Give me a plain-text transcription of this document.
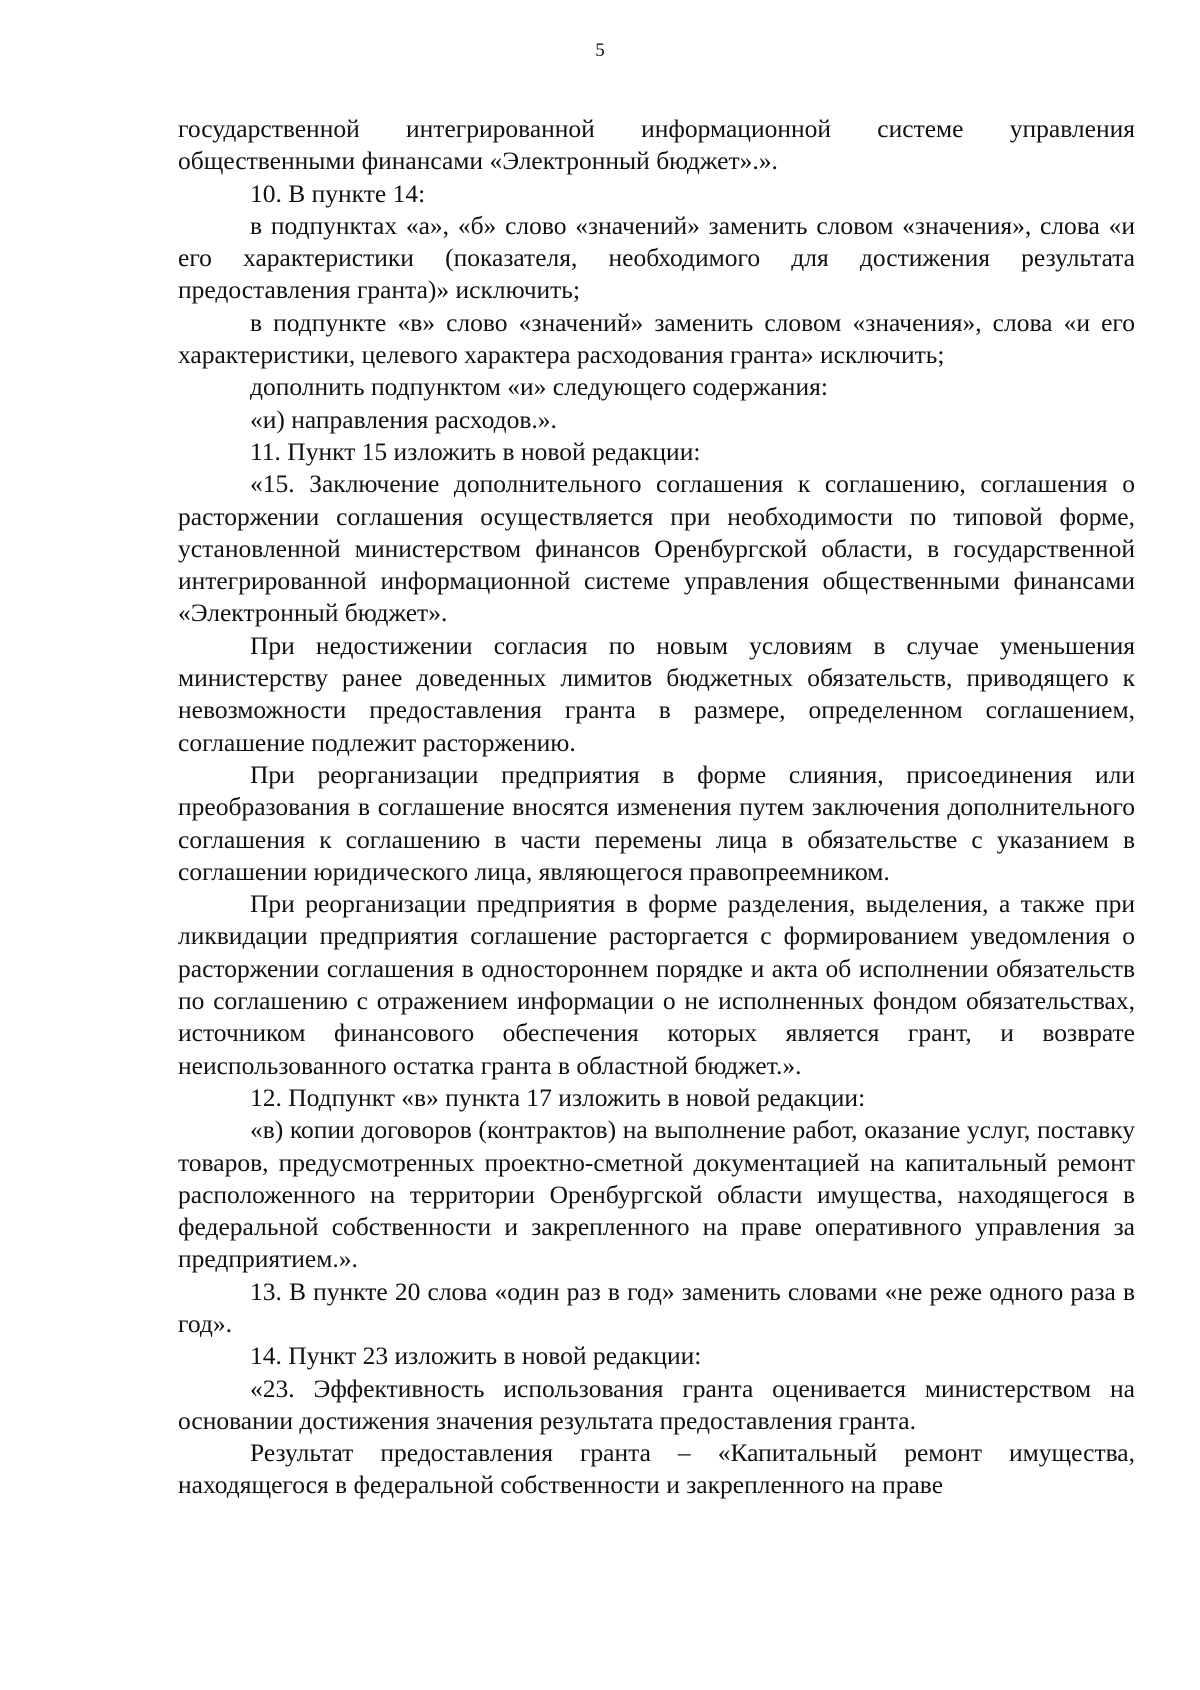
5

государственной интегрированной информационной системе управления общественными финансами «Электронный бюджет».».

10. В пункте 14:

в подпунктах «а», «б» слово «значений» заменить словом «значения», слова «и его характеристики (показателя, необходимого для достижения результата предоставления гранта)» исключить;

в подпункте «в» слово «значений» заменить словом «значения», слова «и его характеристики, целевого характера расходования гранта» исключить;

дополнить подпунктом «и» следующего содержания:

«и) направления расходов.».

11. Пункт 15 изложить в новой редакции:

«15. Заключение дополнительного соглашения к соглашению, соглашения о расторжении соглашения осуществляется при необходимости по типовой форме, установленной министерством финансов Оренбургской области, в государственной интегрированной информационной системе управления общественными финансами «Электронный бюджет».

При недостижении согласия по новым условиям в случае уменьшения министерству ранее доведенных лимитов бюджетных обязательств, приводящего к невозможности предоставления гранта в размере, определенном соглашением, соглашение подлежит расторжению.

При реорганизации предприятия в форме слияния, присоединения или преобразования в соглашение вносятся изменения путем заключения дополнительного соглашения к соглашению в части перемены лица в обязательстве с указанием в соглашении юридического лица, являющегося правопреемником.

При реорганизации предприятия в форме разделения, выделения, а также при ликвидации предприятия соглашение расторгается с формированием уведомления о расторжении соглашения в одностороннем порядке и акта об исполнении обязательств по соглашению с отражением информации о не исполненных фондом обязательствах, источником финансового обеспечения которых является грант, и возврате неиспользованного остатка гранта в областной бюджет.».

12. Подпункт «в» пункта 17 изложить в новой редакции:

«в) копии договоров (контрактов) на выполнение работ, оказание услуг, поставку товаров, предусмотренных проектно-сметной документацией на капитальный ремонт расположенного на территории Оренбургской области имущества, находящегося в федеральной собственности и закрепленного на праве оперативного управления за предприятием.».

13. В пункте 20 слова «один раз в год» заменить словами «не реже одного раза в год».

14. Пункт 23 изложить в новой редакции:

«23. Эффективность использования гранта оценивается министерством на основании достижения значения результата предоставления гранта.

Результат предоставления гранта – «Капитальный ремонт имущества, находящегося в федеральной собственности и закрепленного на праве
